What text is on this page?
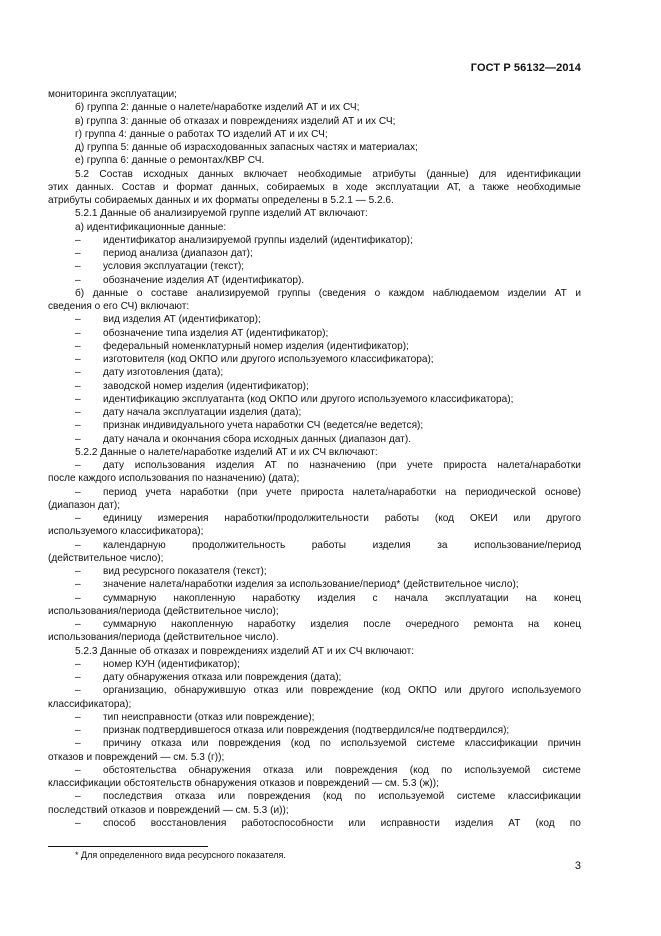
ГОСТ Р 56132—2014
мониторинга эксплуатации;
б) группа 2: данные о налете/наработке изделий АТ и их СЧ;
в) группа 3: данные об отказах и повреждениях изделий АТ и их СЧ;
г) группа 4: данные о работах ТО изделий АТ и их СЧ;
д) группа 5: данные об израсходованных запасных частях и материалах;
е) группа 6: данные о ремонтах/КВР СЧ.
5.2 Состав исходных данных включает необходимые атрибуты (данные) для идентификации
этих данных. Состав и формат данных, собираемых в ходе эксплуатации АТ, а также необходимые
атрибуты собираемых данных и их форматы определены в 5.2.1 — 5.2.6.
5.2.1 Данные об анализируемой группе изделий АТ включают:
а) идентификационные данные:
–	идентификатор анализируемой группы изделий (идентификатор);
–	период анализа (диапазон дат);
–	условия эксплуатации (текст);
–	обозначение изделия АТ (идентификатор).
б) данные о составе анализируемой группы (сведения о каждом наблюдаемом изделии АТ и
сведения о его СЧ) включают:
–	вид изделия АТ (идентификатор);
–	обозначение типа изделия АТ (идентификатор);
–	федеральный номенклатурный номер изделия (идентификатор);
–	изготовителя (код ОКПО или другого используемого классификатора);
–	дату изготовления (дата);
–	заводской номер изделия (идентификатор);
–	идентификацию эксплуатанта (код ОКПО или другого используемого классификатора);
–	дату начала эксплуатации изделия (дата);
–	признак индивидуального учета наработки СЧ (ведется/не ведется);
–	дату начала и окончания сбора исходных данных (диапазон дат).
5.2.2 Данные о налете/наработке изделий АТ и их СЧ включают:
–	дату использования изделия АТ по назначению (при учете прироста налета/наработки
после каждого использования по назначению) (дата);
–	период учета наработки (при учете прироста налета/наработки на периодической основе)
(диапазон дат);
–	единицу измерения наработки/продолжительности работы (код ОКЕИ или другого
используемого классификатора);
–	календарную	продолжительность	работы	изделия	за	использование/период
(действительное число);
–	вид ресурсного показателя (текст);
–	значение налета/наработки изделия за использование/период* (действительное число);
–	суммарную накопленную наработку изделия с начала эксплуатации на конец
использования/периода (действительное число);
–	суммарную накопленную наработку изделия после очередного ремонта на конец
использования/периода (действительное число).
5.2.3 Данные об отказах и повреждениях изделий АТ и их СЧ включают:
–	номер КУН (идентификатор);
–	дату обнаружения отказа или повреждения (дата);
–	организацию, обнаружившую отказ или повреждение (код ОКПО или другого используемого
классификатора);
–	тип неисправности (отказ или повреждение);
–	признак подтвердившегося отказа или повреждения (подтвердился/не подтвердился);
–	причину отказа или повреждения (код по используемой системе классификации причин
отказов и повреждений — см. 5.3 (г));
–	обстоятельства обнаружения отказа или повреждения (код по используемой системе
классификации обстоятельств обнаружения отказов и повреждений — см. 5.3 (ж));
–	последствия отказа или повреждения (код по используемой системе классификации
последствий отказов и повреждений — см. 5.3 (и));
–	способ восстановления работоспособности или исправности изделия АТ (код по
* Для определенного вида ресурсного показателя.
3
